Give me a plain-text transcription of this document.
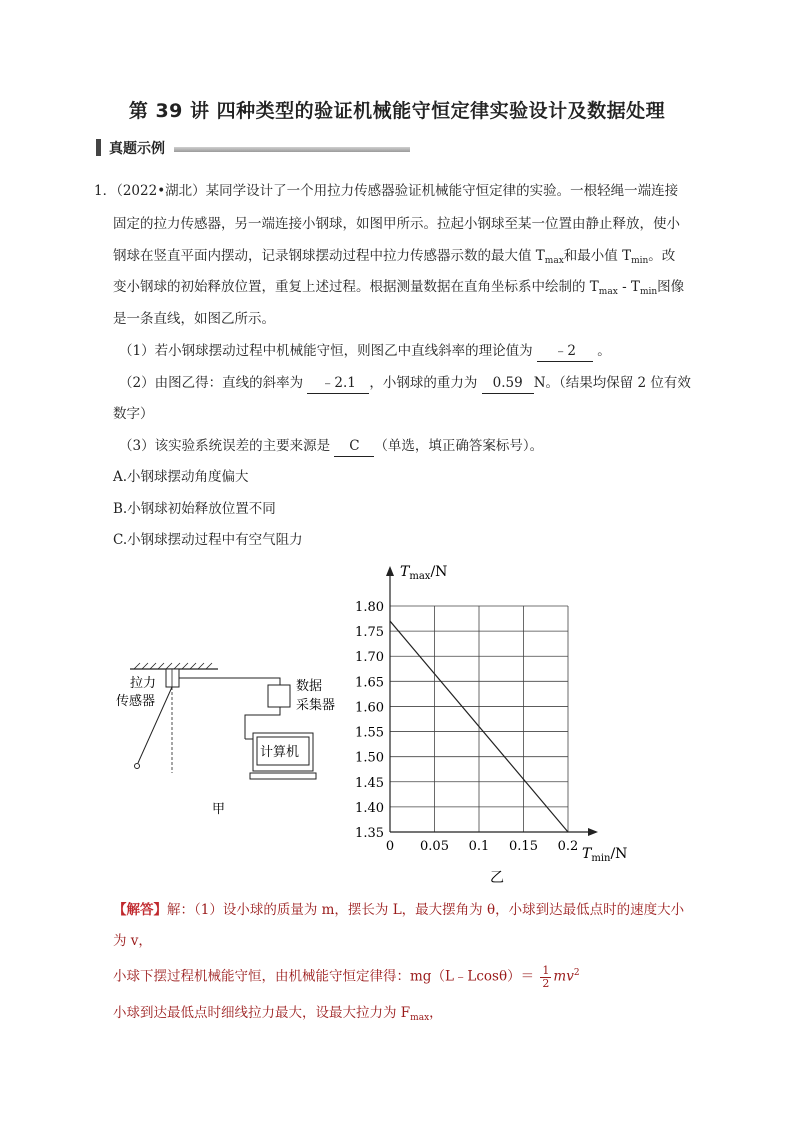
第 39 讲 四种类型的验证机械能守恒定律实验设计及数据处理
真题示例
1．（2022•湖北）某同学设计了一个用拉力传感器验证机械能守恒定律的实验。一根轻绳一端连接
固定的拉力传感器，另一端连接小钢球，如图甲所示。拉起小钢球至某一位置由静止释放，使小
钢球在竖直平面内摆动，记录钢球摆动过程中拉力传感器示数的最大值 $T_{max}$和最小值 $T_{min}$。改
变小钢球的初始释放位置，重复上述过程。根据测量数据在直角坐标系中绘制的 $T_{max} - T_{min}$图像
是一条直线，如图乙所示。
（1）若小钢球摆动过程中机械能守恒，则图乙中直线斜率的理论值为 ﹣2 。
（2）由图乙得：直线的斜率为 ﹣2.1 ，小钢球的重力为 0.59 N。（结果均保留 2 位有效
数字）
（3）该实验系统误差的主要来源是 C （单选，填正确答案标号）。
A.小钢球摆动角度偏大
B.小钢球初始释放位置不同
C.小钢球摆动过程中有空气阻力
拉力
传感器
数据
采集器
计算机
甲
1.35
1.40
1.45
1.50
1.55
1.60
1.65
1.70
1.75
1.80
0 0.05 0.1 0.15 0.2
$T_{max}/N$
$T_{min}/N$
乙
【解答】解：（1）设小球的质量为 m，摆长为 L，最大摆角为 θ，小球到达最低点时的速度大小
为 v，
小球下摆过程机械能守恒，由机械能守恒定律得：mg（L﹣Lcosθ）＝ $\frac{1}{2} mv^2$
小球到达最低点时细线拉力最大，设最大拉力为 $F_{max}$，
